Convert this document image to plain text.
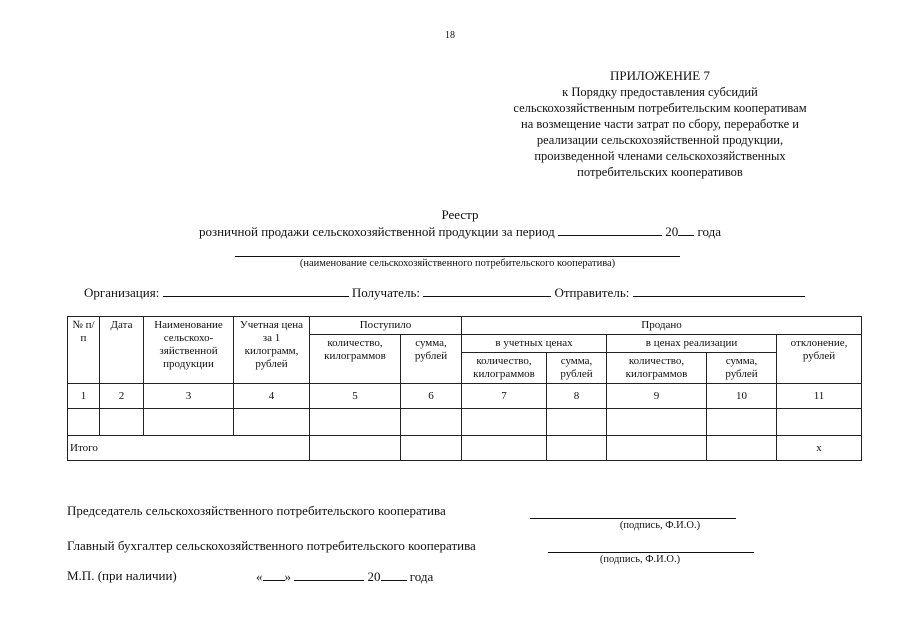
18
ПРИЛОЖЕНИЕ 7
к Порядку предоставления субсидий
сельскохозяйственным потребительским кооперативам
на возмещение части затрат по сбору, переработке и
реализации сельскохозяйственной продукции,
произведенной членами сельскохозяйственных
потребительских кооперативов
Реестр
розничной продажи сельскохозяйственной продукции за период	20 года
(наименование сельскохозяйственного потребительского кооператива)
Организация:	Получатель:	Отправитель:
№ п/п	Дата	Наименование сельскохо-зяйственной продукции	Учетная цена за 1 килограмм, рублей	Поступило		Продано				
				количество, килограммов	сумма, рублей	в учетных ценах		в ценах реализации		отклонение, рублей
						количество, килограммов	сумма, рублей	количество, килограммов	сумма, рублей	
1	2	3	4	5	6	7	8	9	10	11

Итого										х
Председатель сельскохозяйственного потребительского кооператива
(подпись, Ф.И.О.)
Главный бухгалтер сельскохозяйственного потребительского кооператива
(подпись, Ф.И.О.)
М.П. (при наличии)	« »	20 года
